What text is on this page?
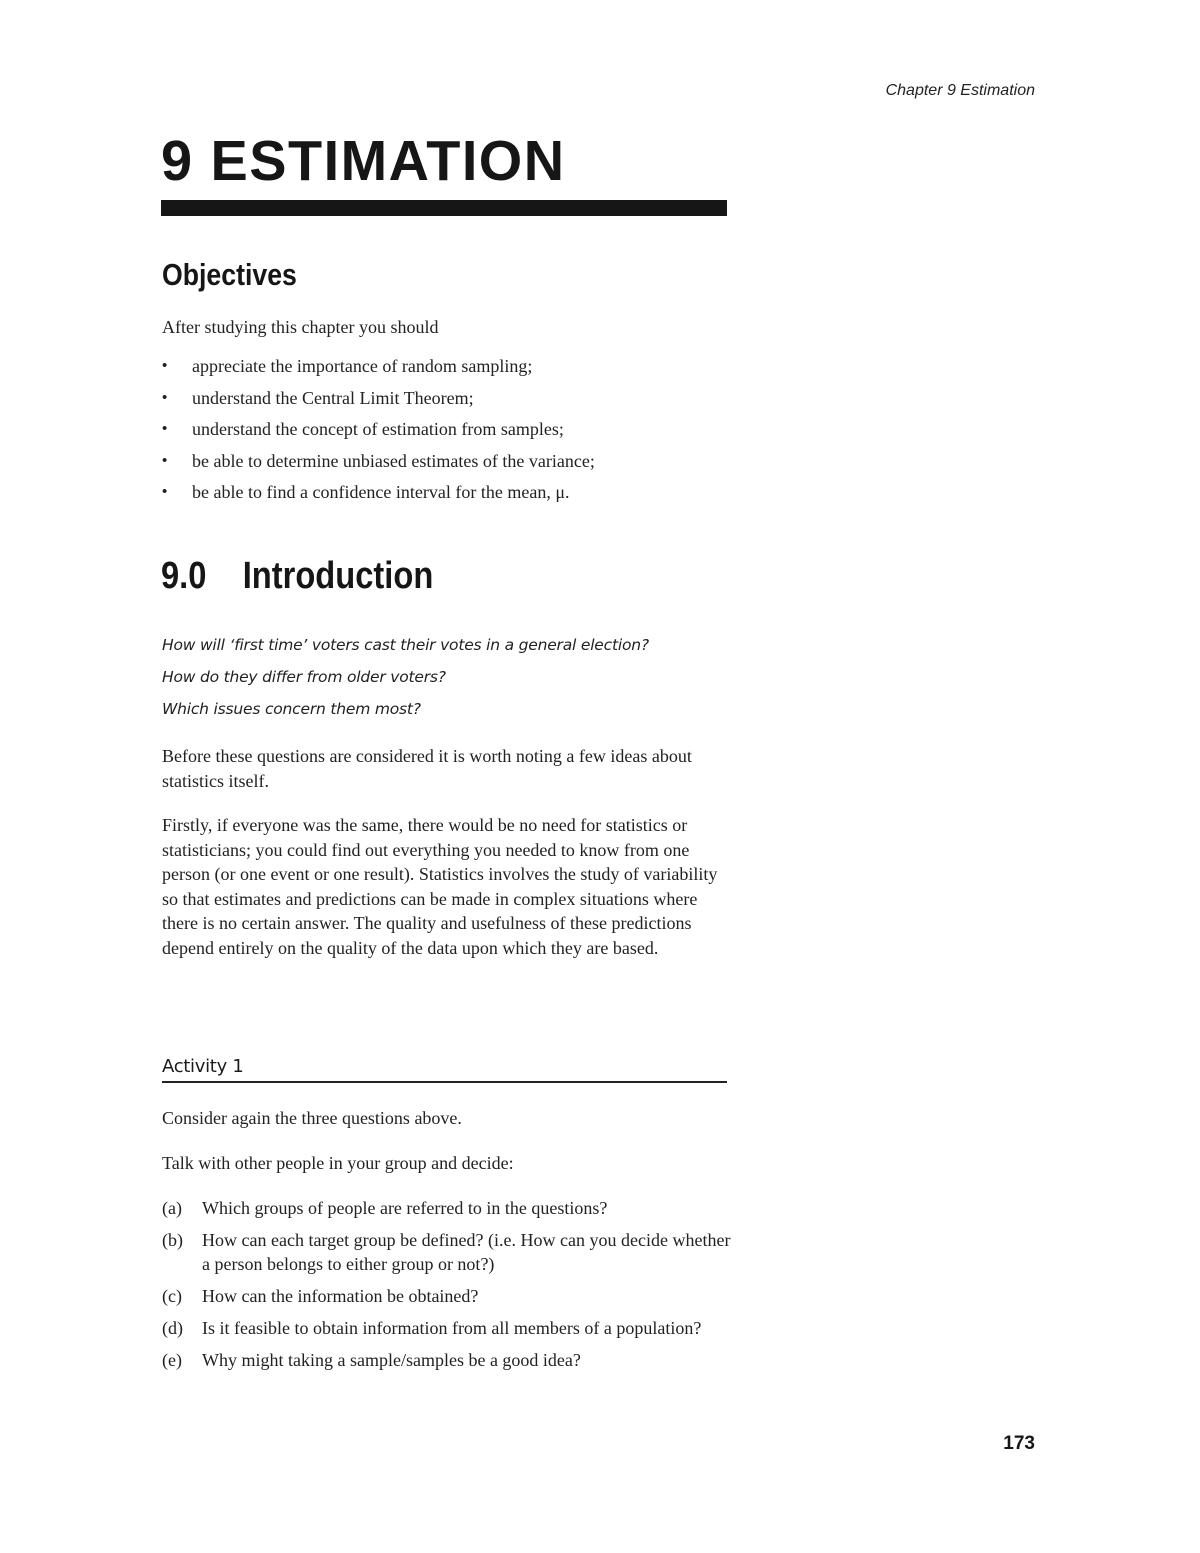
Chapter 9 Estimation
9 ESTIMATION
Objectives
After studying this chapter you should
• appreciate the importance of random sampling;
• understand the Central Limit Theorem;
• understand the concept of estimation from samples;
• be able to determine unbiased estimates of the variance;
• be able to find a confidence interval for the mean, μ.
9.0 Introduction
How will ‘first time’ voters cast their votes in a general election?
How do they differ from older voters?
Which issues concern them most?

Before these questions are considered it is worth noting a few ideas about statistics itself.

Firstly, if everyone was the same, there would be no need for statistics or statisticians; you could find out everything you needed to know from one person (or one event or one result). Statistics involves the study of variability so that estimates and predictions can be made in complex situations where there is no certain answer. The quality and usefulness of these predictions depend entirely on the quality of the data upon which they are based.

Activity 1

Consider again the three questions above.

Talk with other people in your group and decide:

(a) Which groups of people are referred to in the questions?
(b) How can each target group be defined? (i.e. How can you decide whether a person belongs to either group or not?)
(c) How can the information be obtained?
(d) Is it feasible to obtain information from all members of a population?
(e) Why might taking a sample/samples be a good idea?
173
